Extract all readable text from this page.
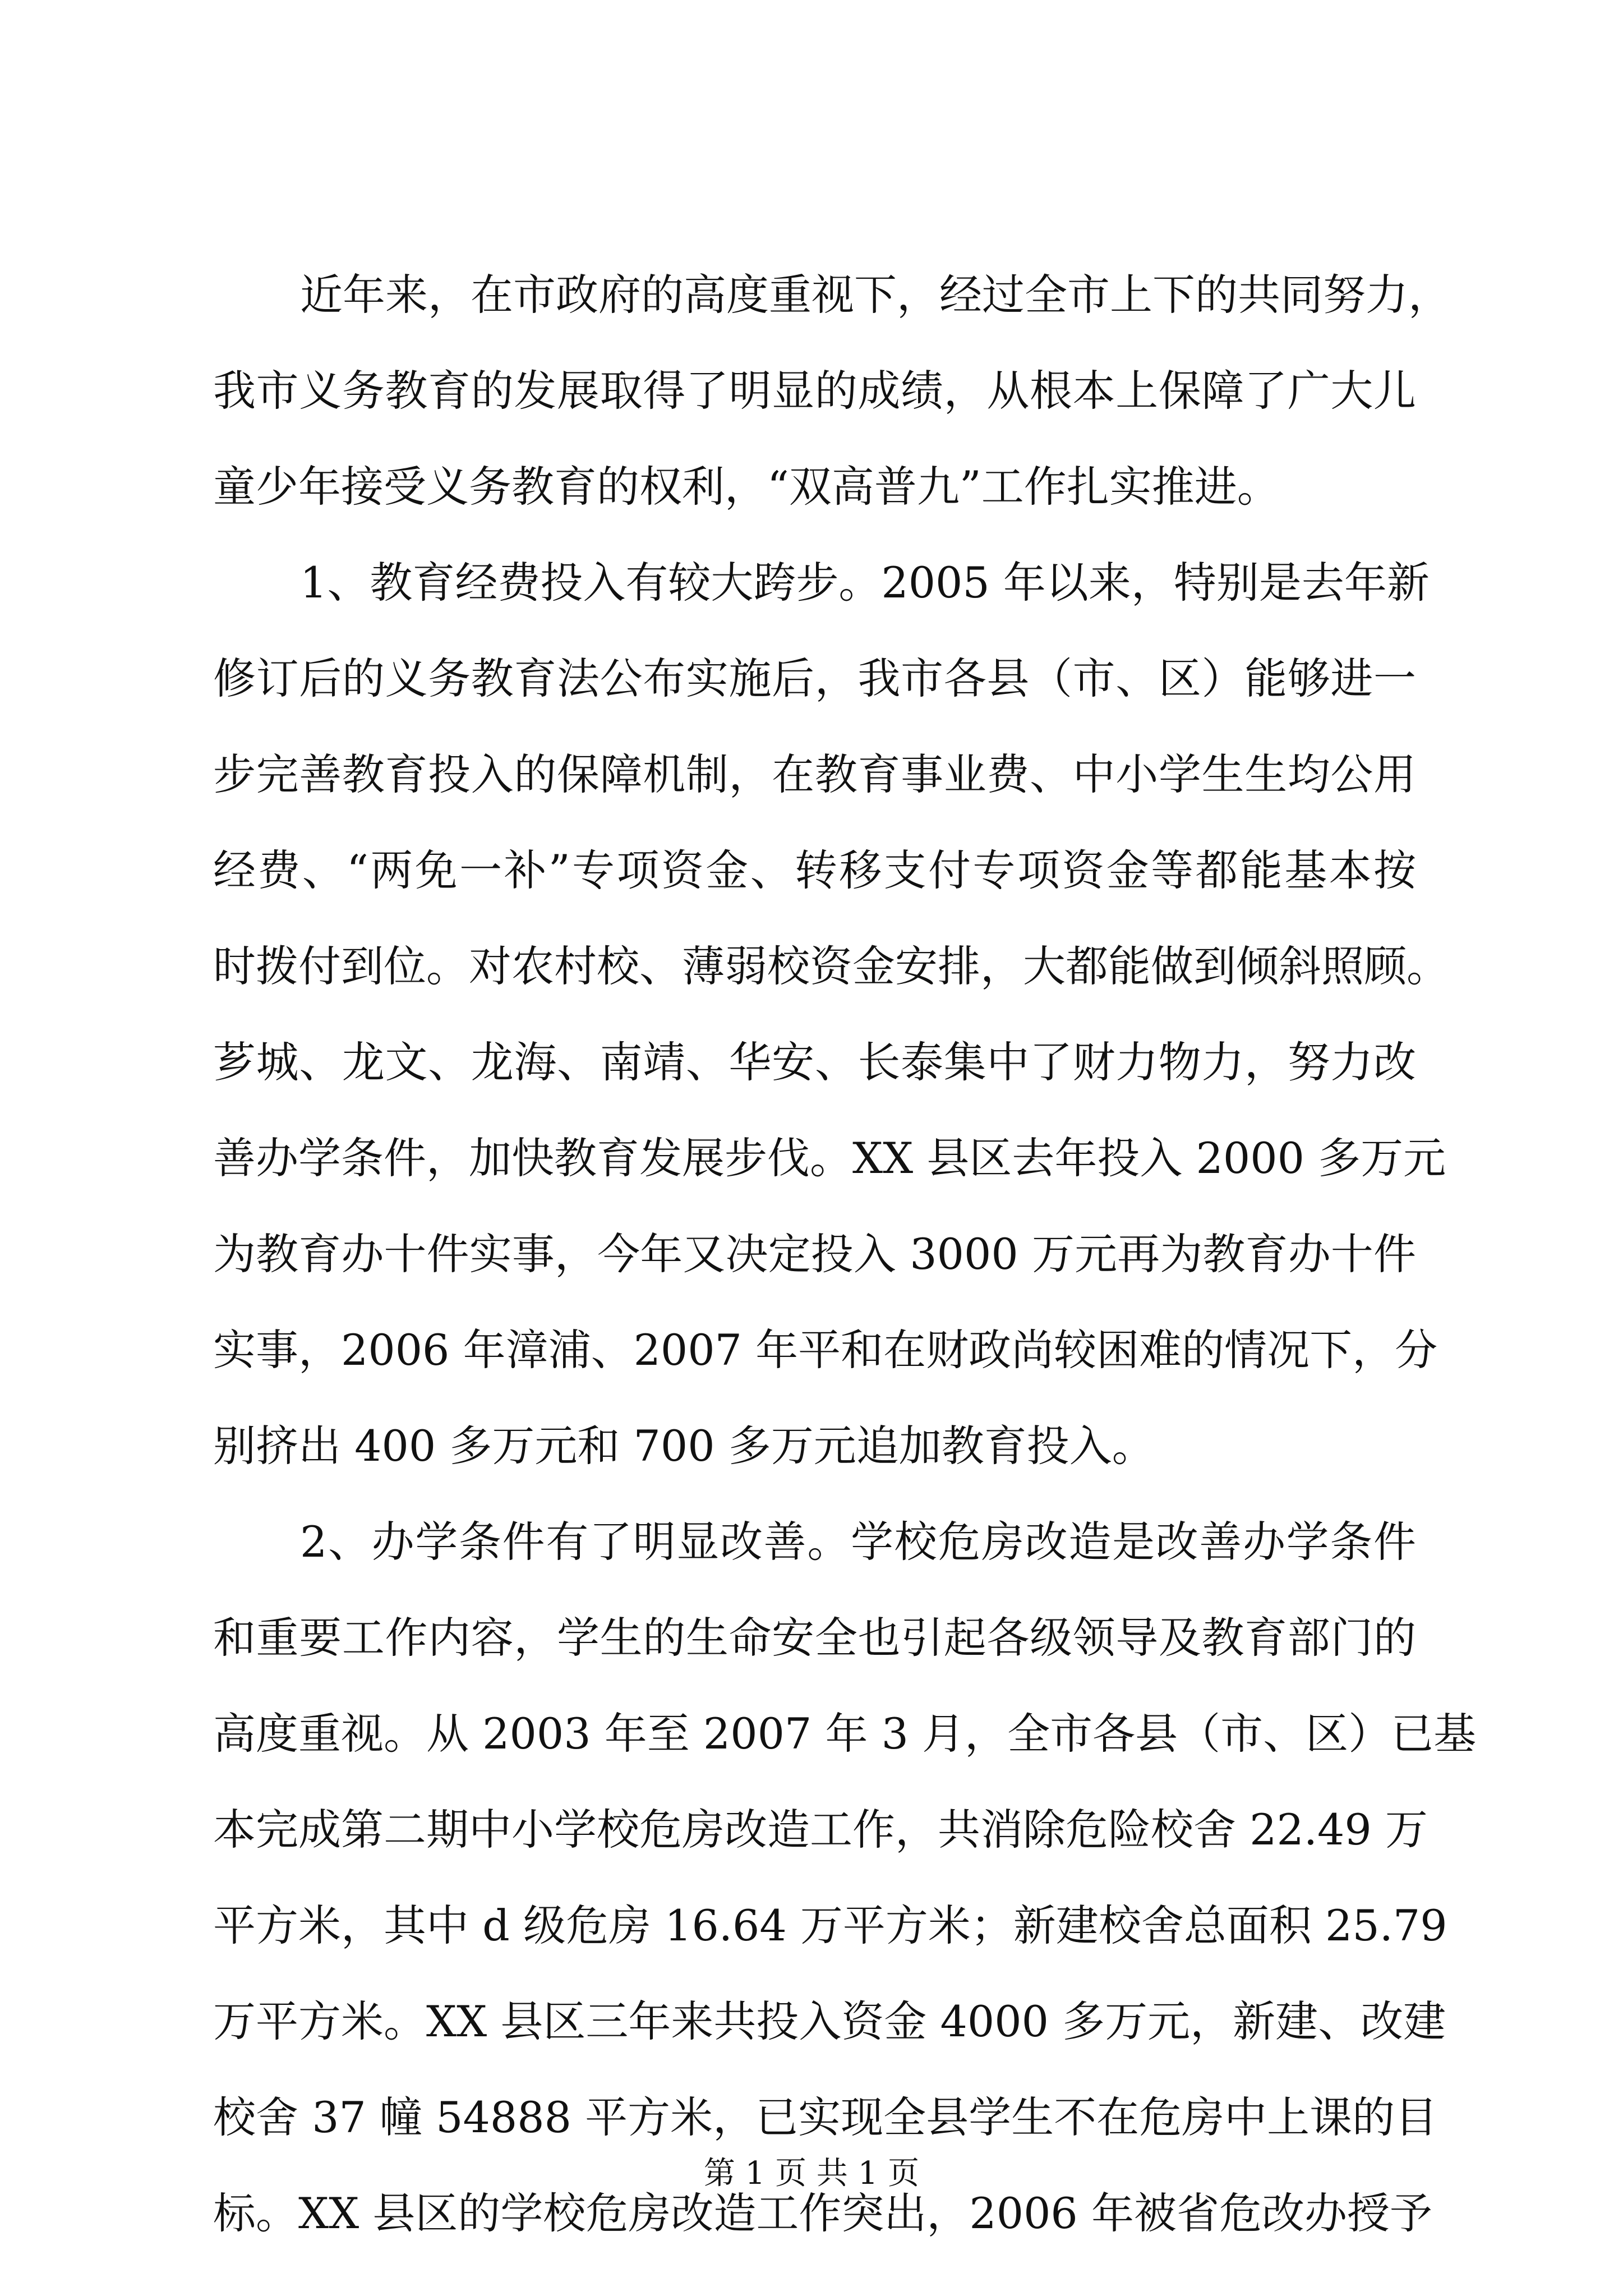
近年来，在市政府的高度重视下，经过全市上下的共同努力，
我市义务教育的发展取得了明显的成绩，从根本上保障了广大儿
童少年接受义务教育的权利，“双高普九”工作扎实推进。
1、教育经费投入有较大跨步。2005 年以来，特别是去年新
修订后的义务教育法公布实施后，我市各县（市、区）能够进一
步完善教育投入的保障机制，在教育事业费、中小学生生均公用
经费、“两免一补”专项资金、转移支付专项资金等都能基本按
时拨付到位。对农村校、薄弱校资金安排，大都能做到倾斜照顾。
芗城、龙文、龙海、南靖、华安、长泰集中了财力物力，努力改
善办学条件，加快教育发展步伐。XX 县区去年投入 2000 多万元
为教育办十件实事，今年又决定投入 3000 万元再为教育办十件
实事，2006 年漳浦、2007 年平和在财政尚较困难的情况下，分
别挤出 400 多万元和 700 多万元追加教育投入。
2、办学条件有了明显改善。学校危房改造是改善办学条件
和重要工作内容，学生的生命安全也引起各级领导及教育部门的
高度重视。从 2003 年至 2007 年 3 月，全市各县（市、区）已基
本完成第二期中小学校危房改造工作，共消除危险校舍 22.49 万
平方米，其中 d 级危房 16.64 万平方米；新建校舍总面积 25.79
万平方米。XX 县区三年来共投入资金 4000 多万元，新建、改建
校舍 37 幢 54888 平方米，已实现全县学生不在危房中上课的目
标。XX 县区的学校危房改造工作突出，2006 年被省危改办授予
第 1 页 共 1 页
